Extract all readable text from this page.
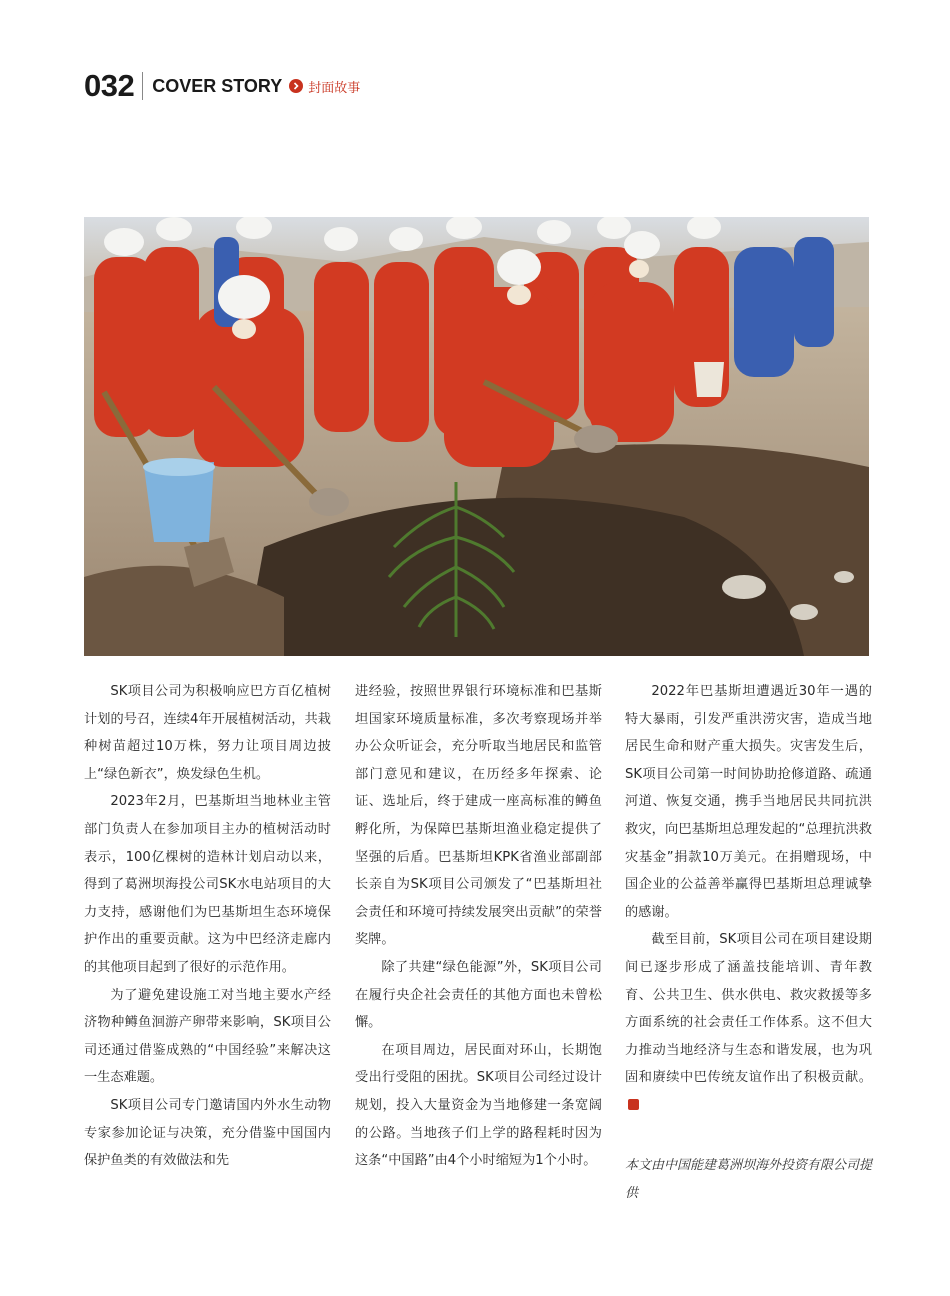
032 COVER STORY 封面故事

SK项目公司为积极响应巴方百亿植树计划的号召，连续4年开展植树活动，共栽种树苗超过10万株，努力让项目周边披上“绿色新衣”，焕发绿色生机。

2023年2月，巴基斯坦当地林业主管部门负责人在参加项目主办的植树活动时表示，100亿棵树的造林计划启动以来，得到了葛洲坝海投公司SK水电站项目的大力支持，感谢他们为巴基斯坦生态环境保护作出的重要贡献。这为中巴经济走廊内的其他项目起到了很好的示范作用。

为了避免建设施工对当地主要水产经济物种鳟鱼洄游产卵带来影响，SK项目公司还通过借鉴成熟的“中国经验”来解决这一生态难题。

SK项目公司专门邀请国内外水生动物专家参加论证与决策，充分借鉴中国国内保护鱼类的有效做法和先

进经验，按照世界银行环境标准和巴基斯坦国家环境质量标准，多次考察现场并举办公众听证会，充分听取当地居民和监管部门意见和建议，在历经多年探索、论证、选址后，终于建成一座高标准的鳟鱼孵化所，为保障巴基斯坦渔业稳定提供了坚强的后盾。巴基斯坦KPK省渔业部副部长亲自为SK项目公司颁发了“巴基斯坦社会责任和环境可持续发展突出贡献”的荣誉奖牌。

除了共建“绿色能源”外，SK项目公司在履行央企社会责任的其他方面也未曾松懈。

在项目周边，居民面对环山，长期饱受出行受阻的困扰。SK项目公司经过设计规划，投入大量资金为当地修建一条宽阔的公路。当地孩子们上学的路程耗时因为这条“中国路”由4个小时缩短为1个小时。

2022年巴基斯坦遭遇近30年一遇的特大暴雨，引发严重洪涝灾害，造成当地居民生命和财产重大损失。灾害发生后，SK项目公司第一时间协助抢修道路、疏通河道、恢复交通，携手当地居民共同抗洪救灾，向巴基斯坦总理发起的“总理抗洪救灾基金”捐款10万美元。在捐赠现场，中国企业的公益善举赢得巴基斯坦总理诚挚的感谢。

截至目前，SK项目公司在项目建设期间已逐步形成了涵盖技能培训、青年教育、公共卫生、供水供电、救灾救援等多方面系统的社会责任工作体系。这不但大力推动当地经济与生态和谐发展，也为巩固和赓续中巴传统友谊作出了积极贡献。

本文由中国能建葛洲坝海外投资有限公司提供
